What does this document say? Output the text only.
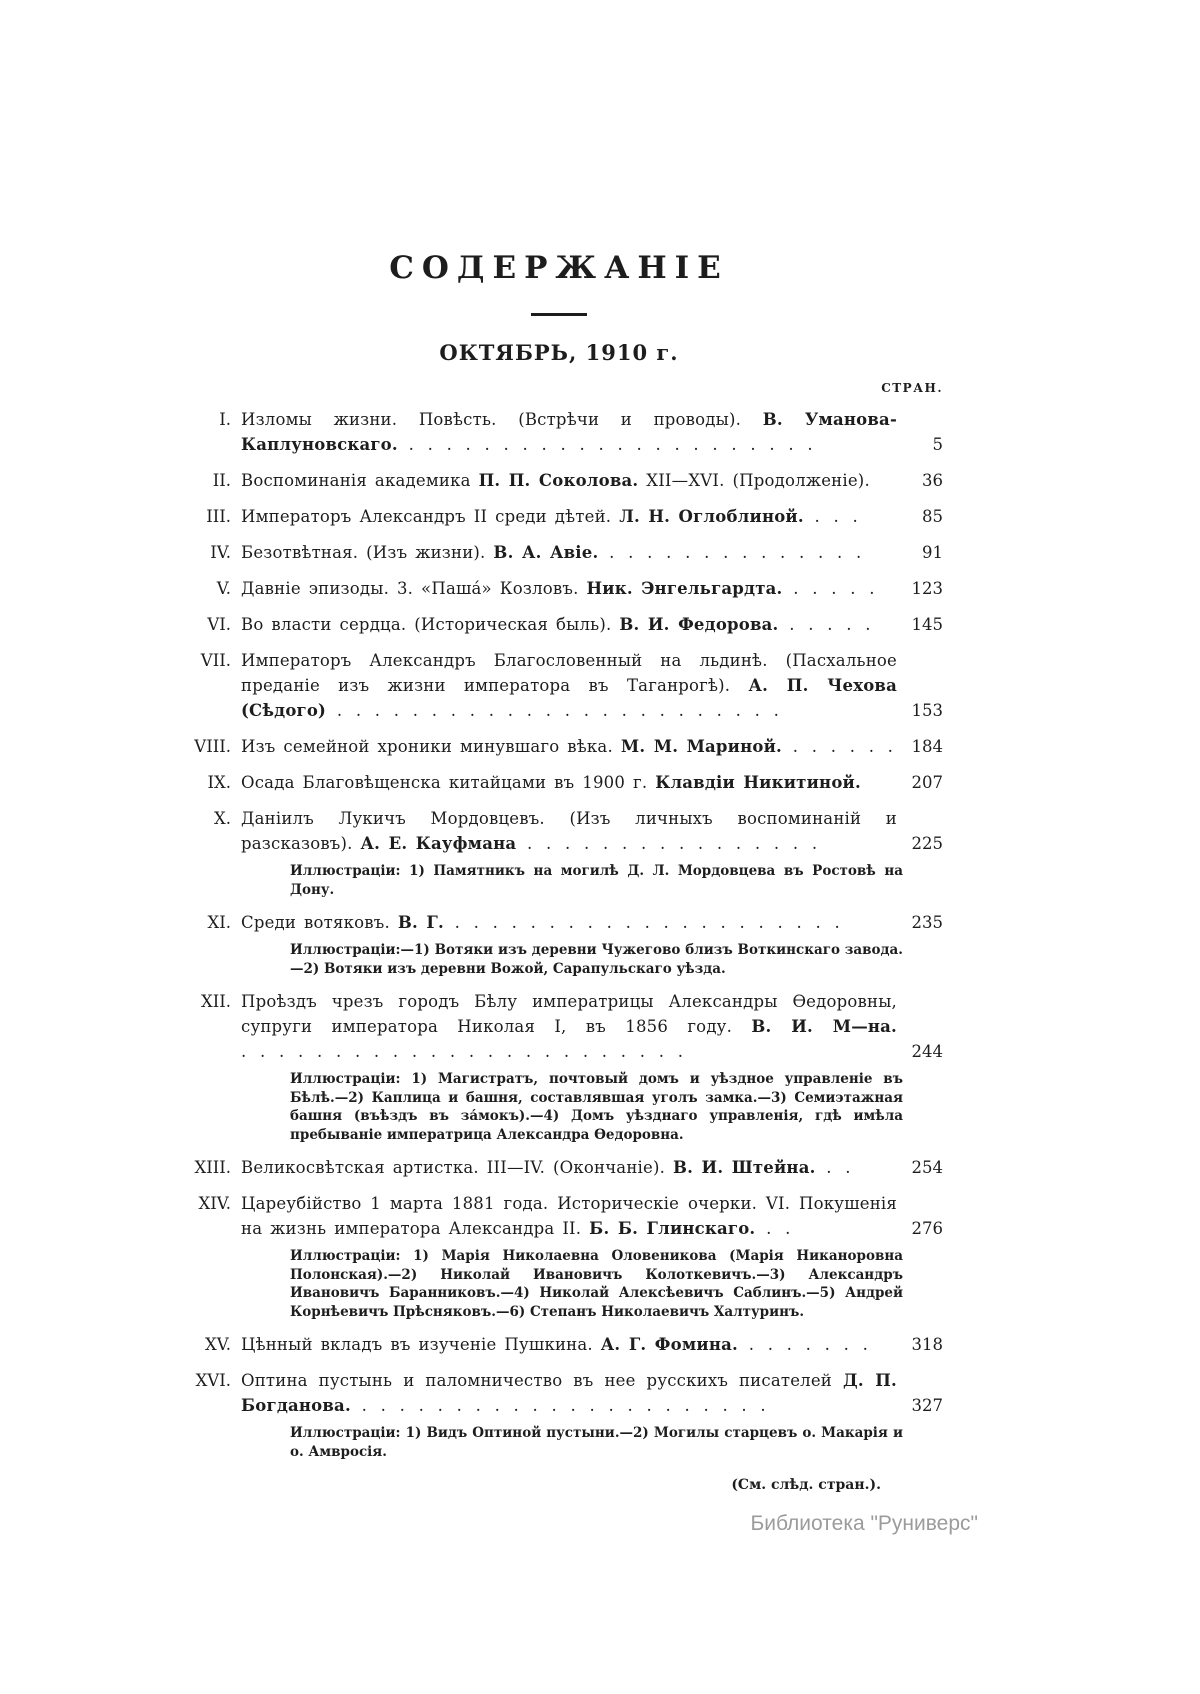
СОДЕРЖАНІЕ
ОКТЯБРЬ, 1910 г.
СТРАН.
I. Изломы жизни. Повѣсть. (Встрѣчи и проводы). В. Уманова-Каплуновскаго. . . . . . . . . . . . . . . . . . . . . . .	5
II. Воспоминанія академика П. П. Соколова. XII—XVI. (Продолженіе).	36
III. Императоръ Александръ II среди дѣтей. Л. Н. Оглоблиной. . . .	85
IV. Безотвѣтная. (Изъ жизни). В. А. Авіе. . . . . . . . . . . . . . .	91
V. Давніе эпизоды. 3. «Паша́» Козловъ. Ник. Энгельгардта. . . . . .	123
VI. Во власти сердца. (Историческая быль). В. И. Федорова. . . . . .	145
VII. Императоръ Александръ Благословенный на льдинѣ. (Пасхальное преданіе изъ жизни императора въ Таганрогѣ). А. П. Чехова (Сѣдого) . . . . . . . . . . . . . . . . . . . . . . . .	153
VIII. Изъ семейной хроники минувшаго вѣка. М. М. Мариной. . . . . . . 184
IX. Осада Благовѣщенска китайцами въ 1900 г. Клавдіи Никитиной.	207
X. Даніилъ Лукичъ Мордовцевъ. (Изъ личныхъ воспоминаній и разсказовъ). А. Е. Кауфмана . . . . . . . . . . . . . . . .	225
Иллюстраціи: 1) Памятникъ на могилѣ Д. Л. Мордовцева въ Ростовѣ на Дону.
XI. Среди вотяковъ. В. Г. . . . . . . . . . . . . . . . . . . . . .	235
Иллюстраціи:—1) Вотяки изъ деревни Чужегово близъ Воткинскаго завода.—2) Вотяки изъ деревни Вожой, Сарапульскаго уѣзда.
XII. Проѣздъ чрезъ городъ Бѣлу императрицы Александры Ѳедоровны, супруги императора Николая I, въ 1856 году. В. И. М—на. . . . . . . . . . . . . . . . . . . . . . . . .	244
Иллюстраціи: 1) Магистратъ, почтовый домъ и уѣздное управленіе въ Бѣлѣ.—2) Каплица и башня, составлявшая уголъ замка.—3) Семиэтажная башня (въѣздъ въ за́мокъ).—4) Домъ уѣзднаго управленія, гдѣ имѣла пребываніе императрица Александра Ѳедоровна.
XIII. Великосвѣтская артистка. III—IV. (Окончаніе). В. И. Штейна. . .	254
XIV. Цареубійство 1 марта 1881 года. Историческіе очерки. VI. Покушенія на жизнь императора Александра II. Б. Б. Глинскаго. . .	276
Иллюстраціи: 1) Марія Николаевна Оловеникова (Марія Никаноровна Полонская).—2) Николай Ивановичъ Колоткевичъ.—3) Александръ Ивановичъ Баранниковъ.—4) Николай Алексѣевичъ Саблинъ.—5) Андрей Корнѣевичъ Прѣсняковъ.—6) Степанъ Николаевичъ Халтуринъ.
XV. Цѣнный вкладъ въ изученіе Пушкина. А. Г. Фомина. . . . . . . .	318
XVI. Оптина пустынь и паломничество въ нее русскихъ писателей Д. П. Богданова. . . . . . . . . . . . . . . . . . . . . . .	327
Иллюстраціи: 1) Видъ Оптиной пустыни.—2) Могилы старцевъ о. Макарія и о. Амвросія.
(См. слѣд. стран.).
Библиотека "Руниверс"
